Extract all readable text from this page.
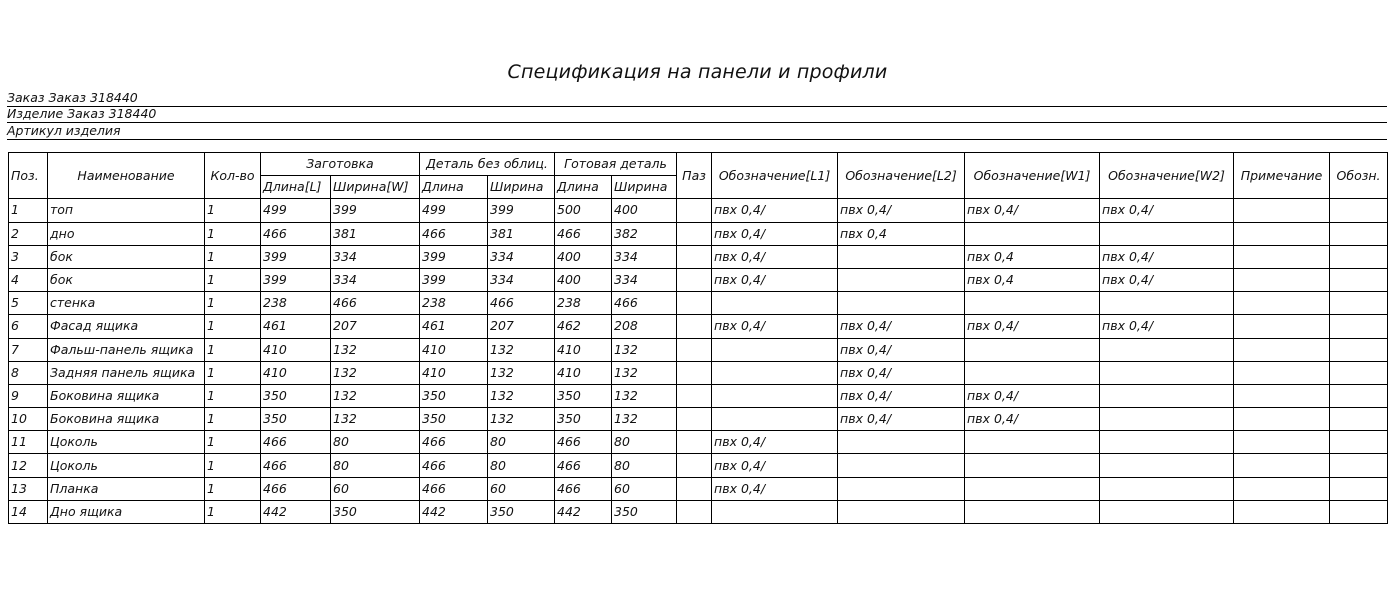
Спецификация на панели и профили
Заказ Заказ 318440
Изделие Заказ 318440
Артикул изделия
Поз.	Наименование	Кол-во	Заготовка		Деталь без облиц.		Готовая деталь		Паз	Обозначение[L1]	Обозначение[L2]	Обозначение[W1]	Обозначение[W2]	Примечание	Обозн.
			Длина[L]	Ширина[W]	Длина	Ширина	Длина	Ширина							
1	топ	1	499	399	499	399	500	400		пвх 0,4/	пвх 0,4/	пвх 0,4/	пвх 0,4/		
2	дно	1	466	381	466	381	466	382		пвх 0,4/	пвх 0,4				
3	бок	1	399	334	399	334	400	334		пвх 0,4/		пвх 0,4	пвх 0,4/		
4	бок	1	399	334	399	334	400	334		пвх 0,4/		пвх 0,4	пвх 0,4/		
5	стенка	1	238	466	238	466	238	466							
6	Фасад ящика	1	461	207	461	207	462	208		пвх 0,4/	пвх 0,4/	пвх 0,4/	пвх 0,4/		
7	Фальш-панель ящика	1	410	132	410	132	410	132			пвх 0,4/				
8	Задняя панель ящика	1	410	132	410	132	410	132			пвх 0,4/				
9	Боковина ящика	1	350	132	350	132	350	132			пвх 0,4/	пвх 0,4/			
10	Боковина ящика	1	350	132	350	132	350	132			пвх 0,4/	пвх 0,4/			
11	Цоколь	1	466	80	466	80	466	80		пвх 0,4/					
12	Цоколь	1	466	80	466	80	466	80		пвх 0,4/					
13	Планка	1	466	60	466	60	466	60		пвх 0,4/					
14	Дно ящика	1	442	350	442	350	442	350							
